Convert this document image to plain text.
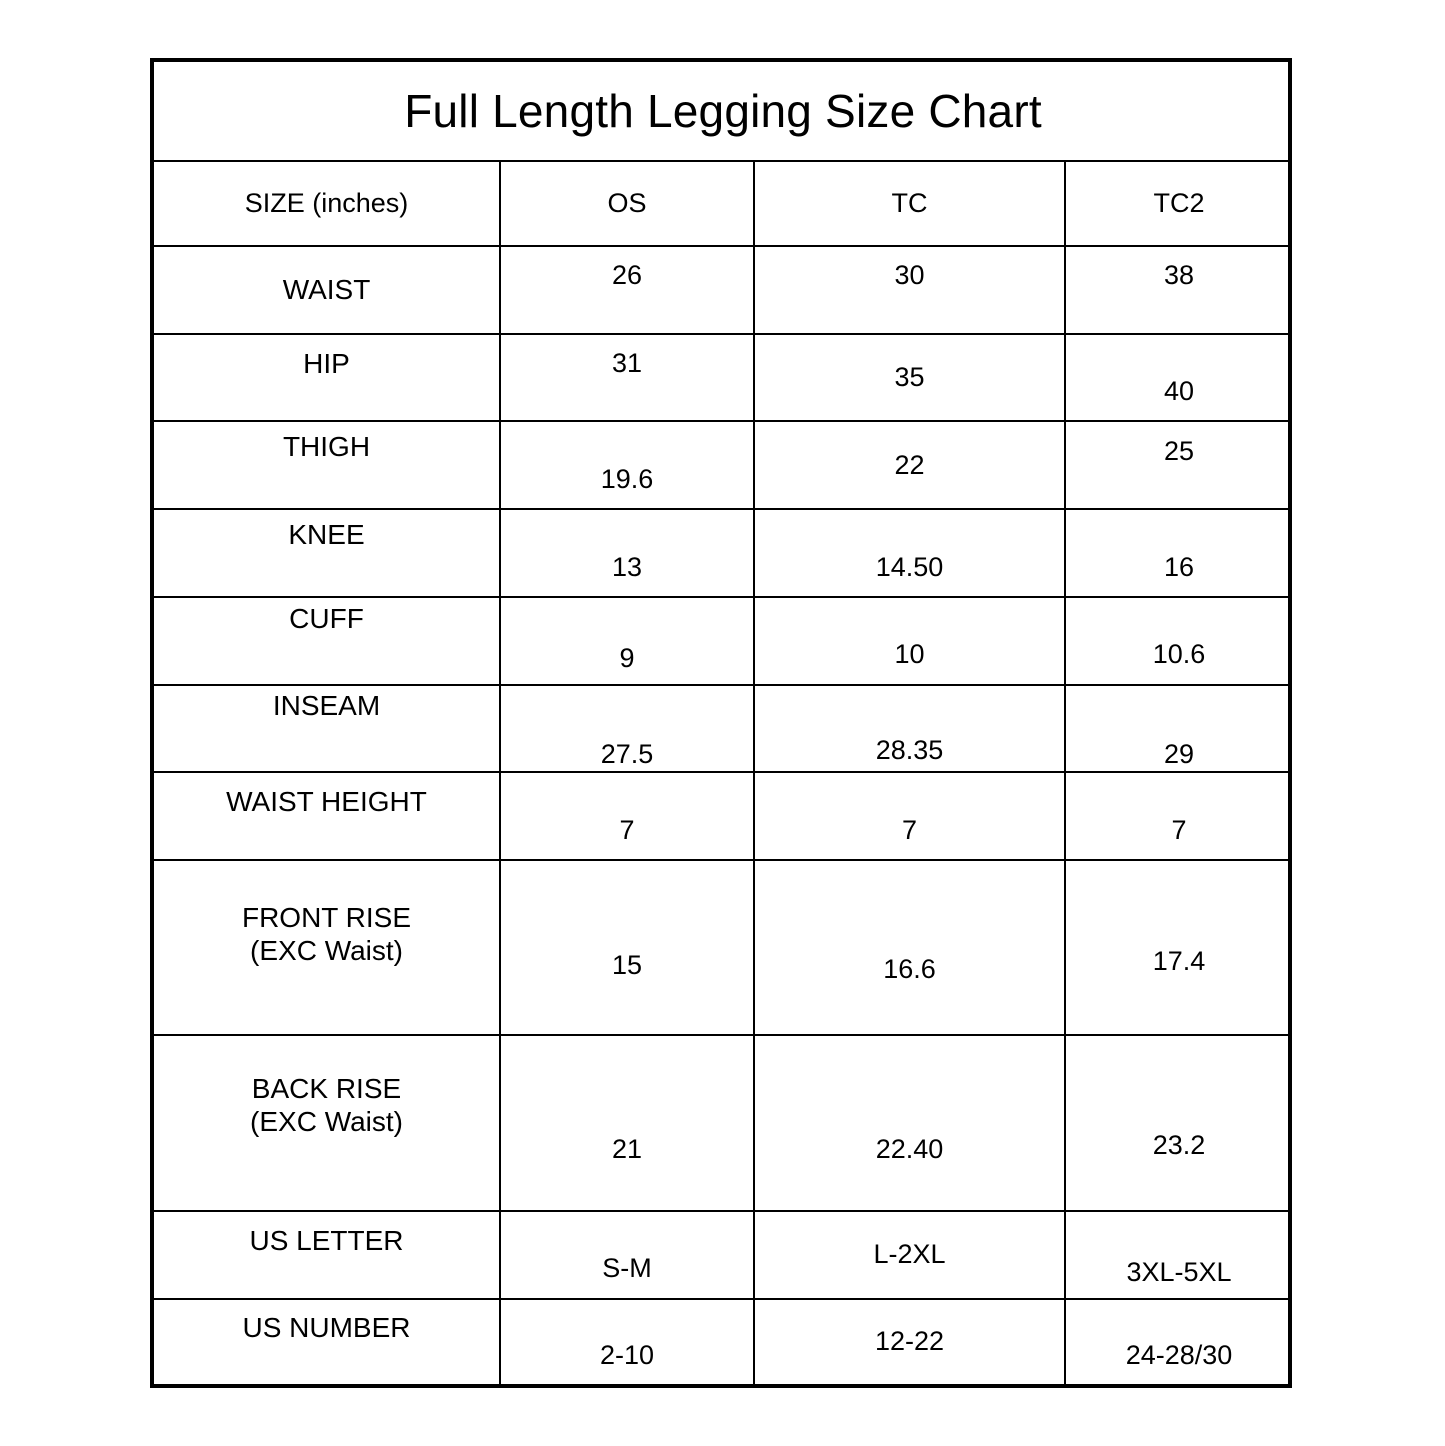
Full Length Legging Size Chart			
SIZE (inches)	OS	TC	TC2
WAIST	26	30	38

HIP	31	35	40

THIGH	19.6	22	25

KNEE	13	14.50	16

CUFF	9	10	10.6

INSEAM	27.5	28.35	29

WAIST HEIGHT	7	7	7

FRONT RISE
(EXC Waist)	15	16.6	17.4

BACK RISE
(EXC Waist)	21	22.40	23.2

US LETTER	S-M	L-2XL	3XL-5XL

US NUMBER	2-10	12-22	24-28/30
